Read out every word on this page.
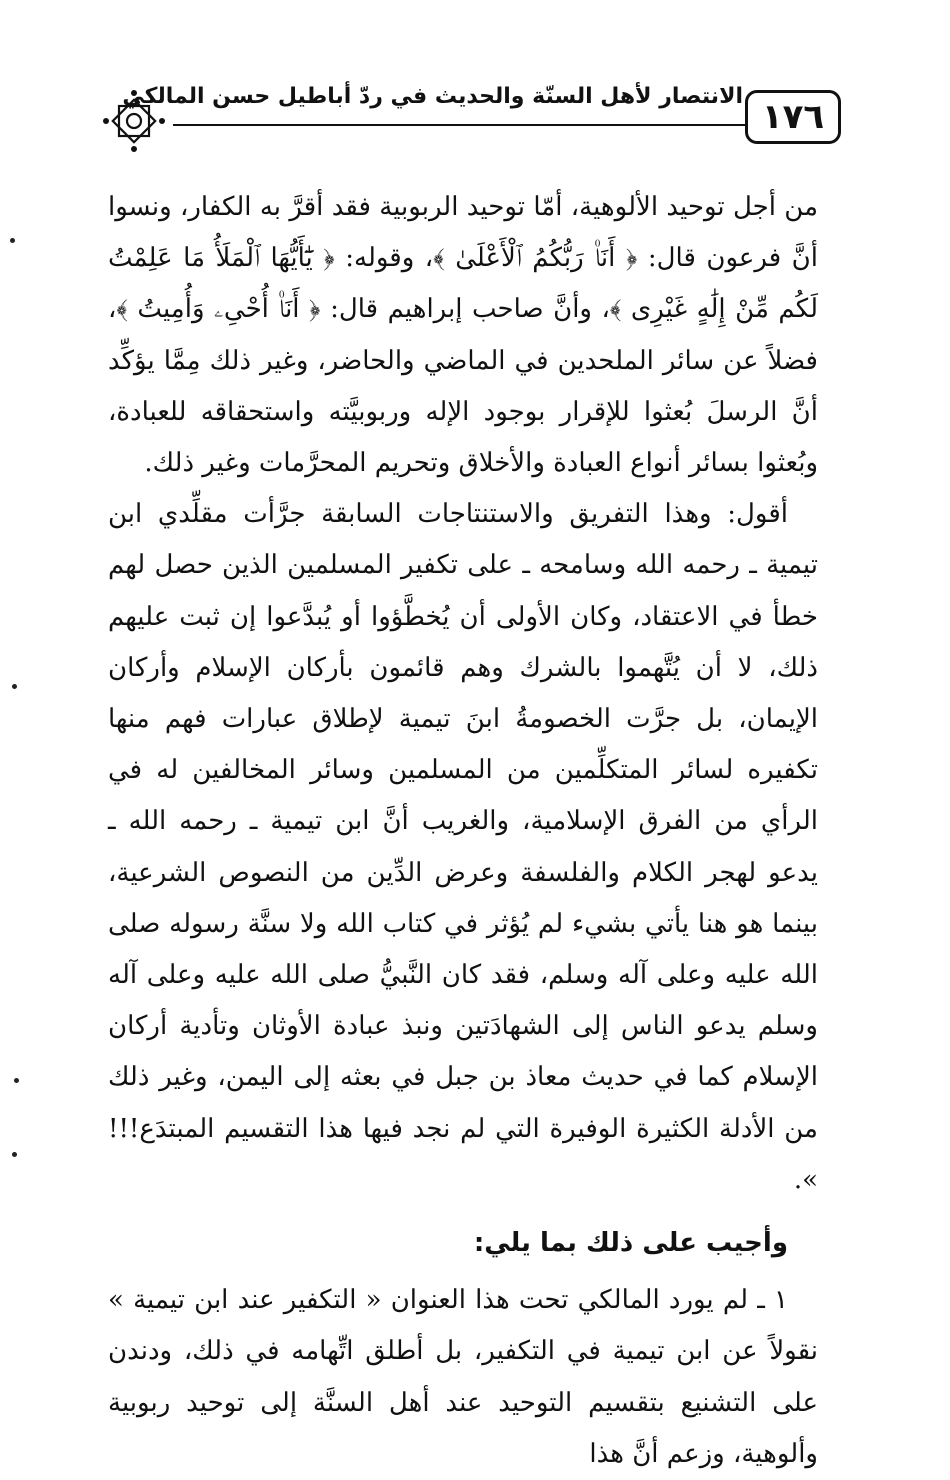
الانتصار لأهل السنّة والحديث في ردّ أباطيل حسن المالكي
١٧٦

من أجل توحيد الألوهية، أمّا توحيد الربوبية فقد أقرَّ به الكفار، ونسوا أنَّ فرعون قال: ﴿ أَنَا۠ رَبُّكُمُ ٱلْأَعْلَىٰ ﴾، وقوله: ﴿ يَٰٓأَيُّهَا ٱلْمَلَأُ مَا عَلِمْتُ لَكُم مِّنْ إِلَٰهٍ غَيْرِى ﴾، وأنَّ صاحب إبراهيم قال: ﴿ أَنَا۠ أُحْىِۦ وَأُمِيتُ ﴾، فضلاً عن سائر الملحدين في الماضي والحاضر، وغير ذلك مِمَّا يؤكِّد أنَّ الرسلَ بُعثوا للإقرار بوجود الإله وربوبيَّته واستحقاقه للعبادة، وبُعثوا بسائر أنواع العبادة والأخلاق وتحريم المحرَّمات وغير ذلك.

أقول: وهذا التفريق والاستنتاجات السابقة جرَّأت مقلِّدي ابن تيمية ـ رحمه الله وسامحه ـ على تكفير المسلمين الذين حصل لهم خطأ في الاعتقاد، وكان الأولى أن يُخطَّؤوا أو يُبدَّعوا إن ثبت عليهم ذلك، لا أن يُتَّهموا بالشرك وهم قائمون بأركان الإسلام وأركان الإيمان، بل جرَّت الخصومةُ ابنَ تيمية لإطلاق عبارات فهم منها تكفيره لسائر المتكلِّمين من المسلمين وسائر المخالفين له في الرأي من الفرق الإسلامية، والغريب أنَّ ابن تيمية ـ رحمه الله ـ يدعو لهجر الكلام والفلسفة وعرض الدِّين من النصوص الشرعية، بينما هو هنا يأتي بشيء لم يُؤثر في كتاب الله ولا سنَّة رسوله صلى الله عليه وعلى آله وسلم، فقد كان النَّبيُّ صلى الله عليه وعلى آله وسلم يدعو الناس إلى الشهادَتين ونبذ عبادة الأوثان وتأدية أركان الإسلام كما في حديث معاذ بن جبل في بعثه إلى اليمن، وغير ذلك من الأدلة الكثيرة الوفيرة التي لم نجد فيها هذا التقسيم المبتدَع!!! ».

وأجيب على ذلك بما يلي:

١ ـ لم يورد المالكي تحت هذا العنوان « التكفير عند ابن تيمية » نقولاً عن ابن تيمية في التكفير، بل أطلق اتِّهامه في ذلك، ودندن على التشنيع بتقسيم التوحيد عند أهل السنَّة إلى توحيد ربوبية وألوهية، وزعم أنَّ هذا
